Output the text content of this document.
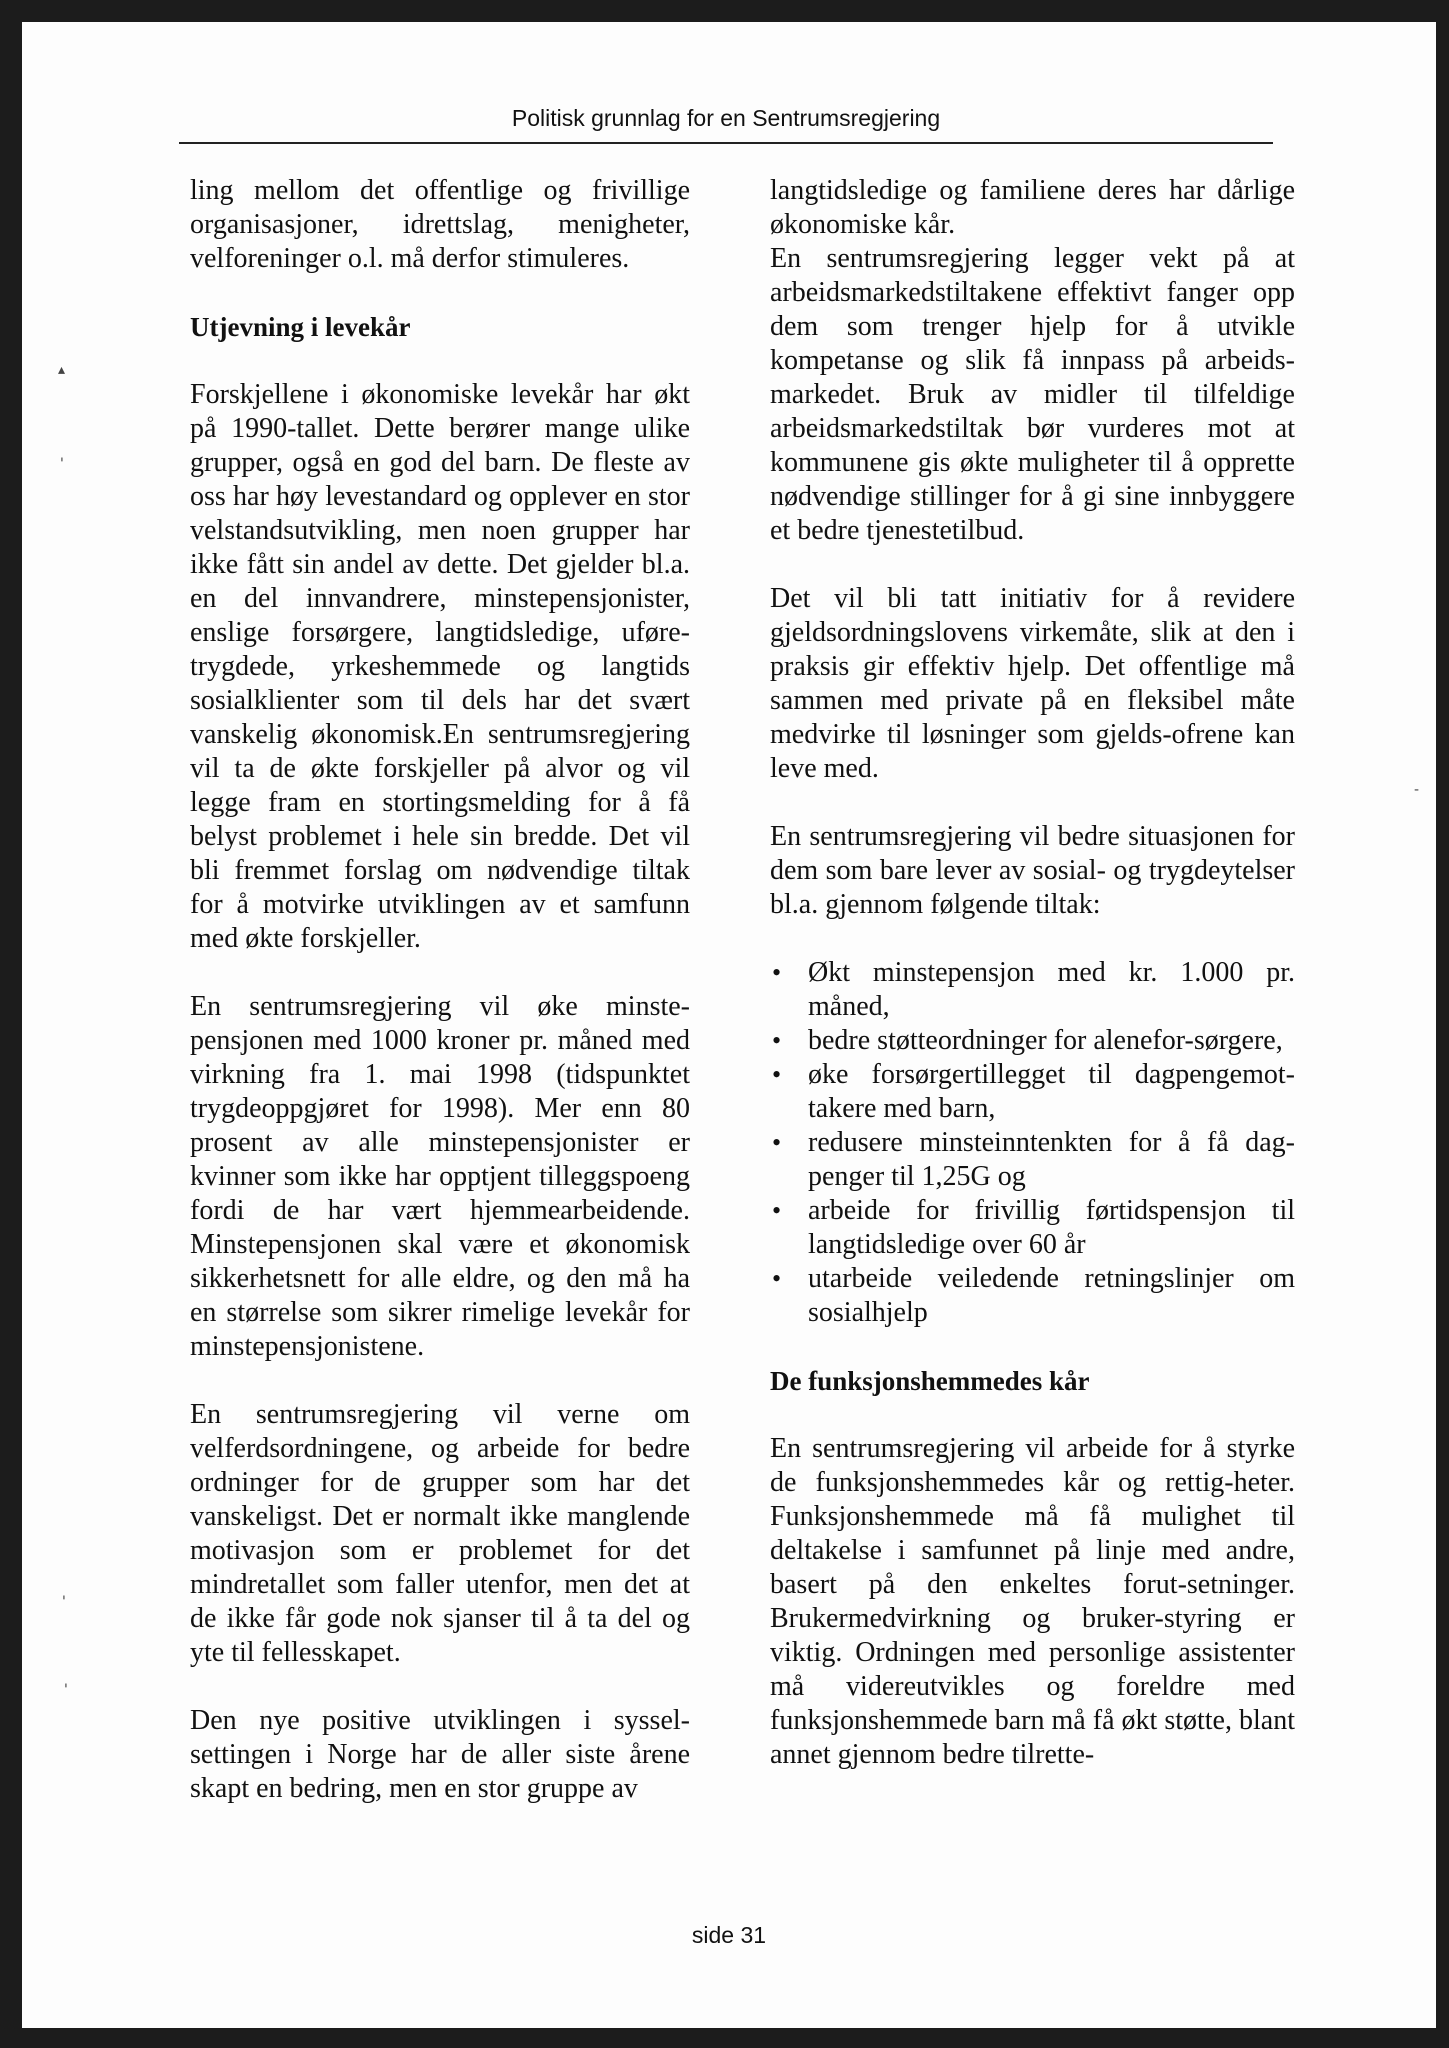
Politisk grunnlag for en Sentrumsregjering

ling mellom det offentlige og frivillige organisasjoner, idrettslag, menigheter, velforeninger o.l. må derfor stimuleres.

Utjevning i levekår

Forskjellene i økonomiske levekår har økt på 1990-tallet. Dette berører mange ulike grupper, også en god del barn. De fleste av oss har høy levestandard og opplever en stor velstandsutvikling, men noen grupper har ikke fått sin andel av dette. Det gjelder bl.a. en del innvandrere, minstepensjonister, enslige forsørgere, langtidsledige, uføre-trygdede, yrkeshemmede og langtids sosialklienter som til dels har det svært vanskelig økonomisk.En sentrumsregjering vil ta de økte forskjeller på alvor og vil legge fram en stortingsmelding for å få belyst problemet i hele sin bredde. Det vil bli fremmet forslag om nødvendige tiltak for å motvirke utviklingen av et samfunn med økte forskjeller.

En sentrumsregjering vil øke minste-pensjonen med 1000 kroner pr. måned med virkning fra 1. mai 1998 (tidspunktet trygdeoppgjøret for 1998). Mer enn 80 prosent av alle minstepensjonister er kvinner som ikke har opptjent tilleggspoeng fordi de har vært hjemmearbeidende. Minstepensjonen skal være et økonomisk sikkerhetsnett for alle eldre, og den må ha en størrelse som sikrer rimelige levekår for minstepensjonistene.

En sentrumsregjering vil verne om velferdsordningene, og arbeide for bedre ordninger for de grupper som har det vanskeligst. Det er normalt ikke manglende motivasjon som er problemet for det mindretallet som faller utenfor, men det at de ikke får gode nok sjanser til å ta del og yte til fellesskapet.

Den nye positive utviklingen i syssel-settingen i Norge har de aller siste årene skapt en bedring, men en stor gruppe av

langtidsledige og familiene deres har dårlige økonomiske kår.

En sentrumsregjering legger vekt på at arbeidsmarkedstiltakene effektivt fanger opp dem som trenger hjelp for å utvikle kompetanse og slik få innpass på arbeids-markedet. Bruk av midler til tilfeldige arbeidsmarkedstiltak bør vurderes mot at kommunene gis økte muligheter til å opprette nødvendige stillinger for å gi sine innbyggere et bedre tjenestetilbud.

Det vil bli tatt initiativ for å revidere gjeldsordningslovens virkemåte, slik at den i praksis gir effektiv hjelp. Det offentlige må sammen med private på en fleksibel måte medvirke til løsninger som gjelds-ofrene kan leve med.

En sentrumsregjering vil bedre situasjonen for dem som bare lever av sosial- og trygdeytelser bl.a. gjennom følgende tiltak:

• Økt minstepensjon med kr. 1.000 pr. måned,
• bedre støtteordninger for alenefor-sørgere,
• øke forsørgertillegget til dagpengemot-takere med barn,
• redusere minsteinntenkten for å få dag-penger til 1,25G og
• arbeide for frivillig førtidspensjon til langtidsledige over 60 år
• utarbeide veiledende retningslinjer om sosialhjelp
De funksjonshemmedes kår

En sentrumsregjering vil arbeide for å styrke de funksjonshemmedes kår og rettig-heter. Funksjonshemmede må få mulighet til deltakelse i samfunnet på linje med andre, basert på den enkeltes forut-setninger. Brukermedvirkning og bruker-styring er viktig. Ordningen med personlige assistenter må videreutvikles og foreldre med funksjonshemmede barn må få økt støtte, blant annet gjennom bedre tilrette-

side 31
▴
'
'
'
-
